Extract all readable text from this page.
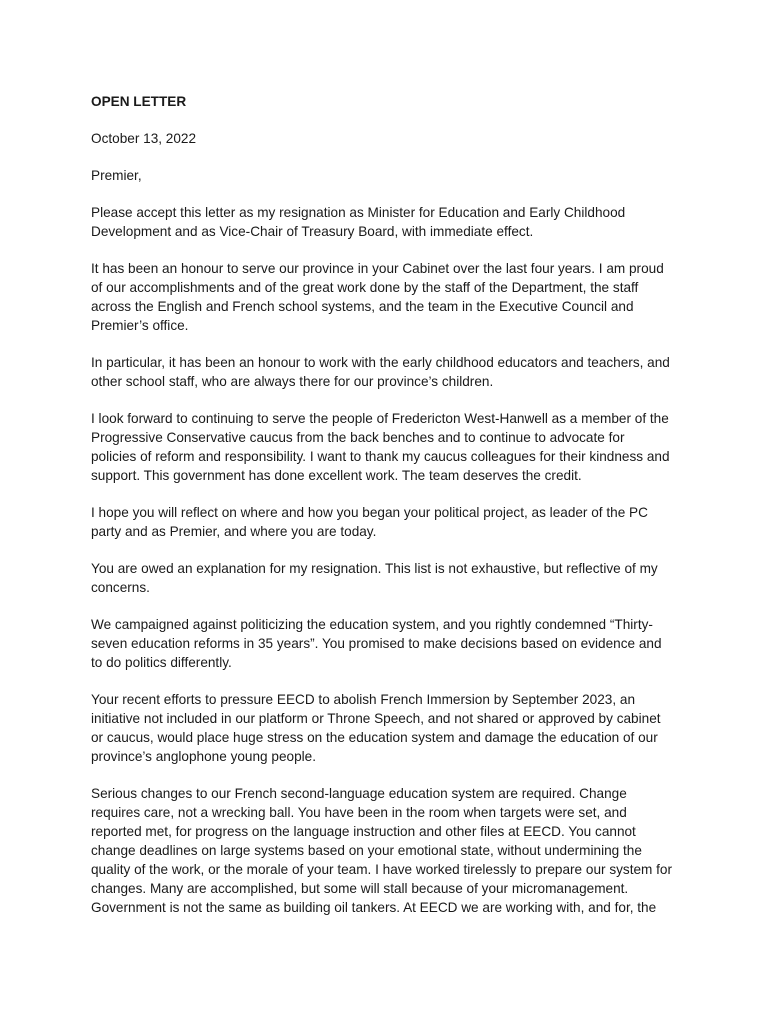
OPEN LETTER

October 13, 2022

Premier,

Please accept this letter as my resignation as Minister for Education and Early Childhood Development and as Vice-Chair of Treasury Board, with immediate effect.

It has been an honour to serve our province in your Cabinet over the last four years. I am proud of our accomplishments and of the great work done by the staff of the Department, the staff across the English and French school systems, and the team in the Executive Council and Premier’s office.

In particular, it has been an honour to work with the early childhood educators and teachers, and other school staff, who are always there for our province’s children.

I look forward to continuing to serve the people of Fredericton West-Hanwell as a member of the Progressive Conservative caucus from the back benches and to continue to advocate for policies of reform and responsibility. I want to thank my caucus colleagues for their kindness and support. This government has done excellent work. The team deserves the credit.

I hope you will reflect on where and how you began your political project, as leader of the PC party and as Premier, and where you are today.

You are owed an explanation for my resignation. This list is not exhaustive, but reflective of my concerns.

We campaigned against politicizing the education system, and you rightly condemned “Thirty-seven education reforms in 35 years”. You promised to make decisions based on evidence and to do politics differently.

Your recent efforts to pressure EECD to abolish French Immersion by September 2023, an initiative not included in our platform or Throne Speech, and not shared or approved by cabinet or caucus, would place huge stress on the education system and damage the education of our province’s anglophone young people.

Serious changes to our French second-language education system are required. Change requires care, not a wrecking ball. You have been in the room when targets were set, and reported met, for progress on the language instruction and other files at EECD. You cannot change deadlines on large systems based on your emotional state, without undermining the quality of the work, or the morale of your team. I have worked tirelessly to prepare our system for changes. Many are accomplished, but some will stall because of your micromanagement. Government is not the same as building oil tankers. At EECD we are working with, and for, the
